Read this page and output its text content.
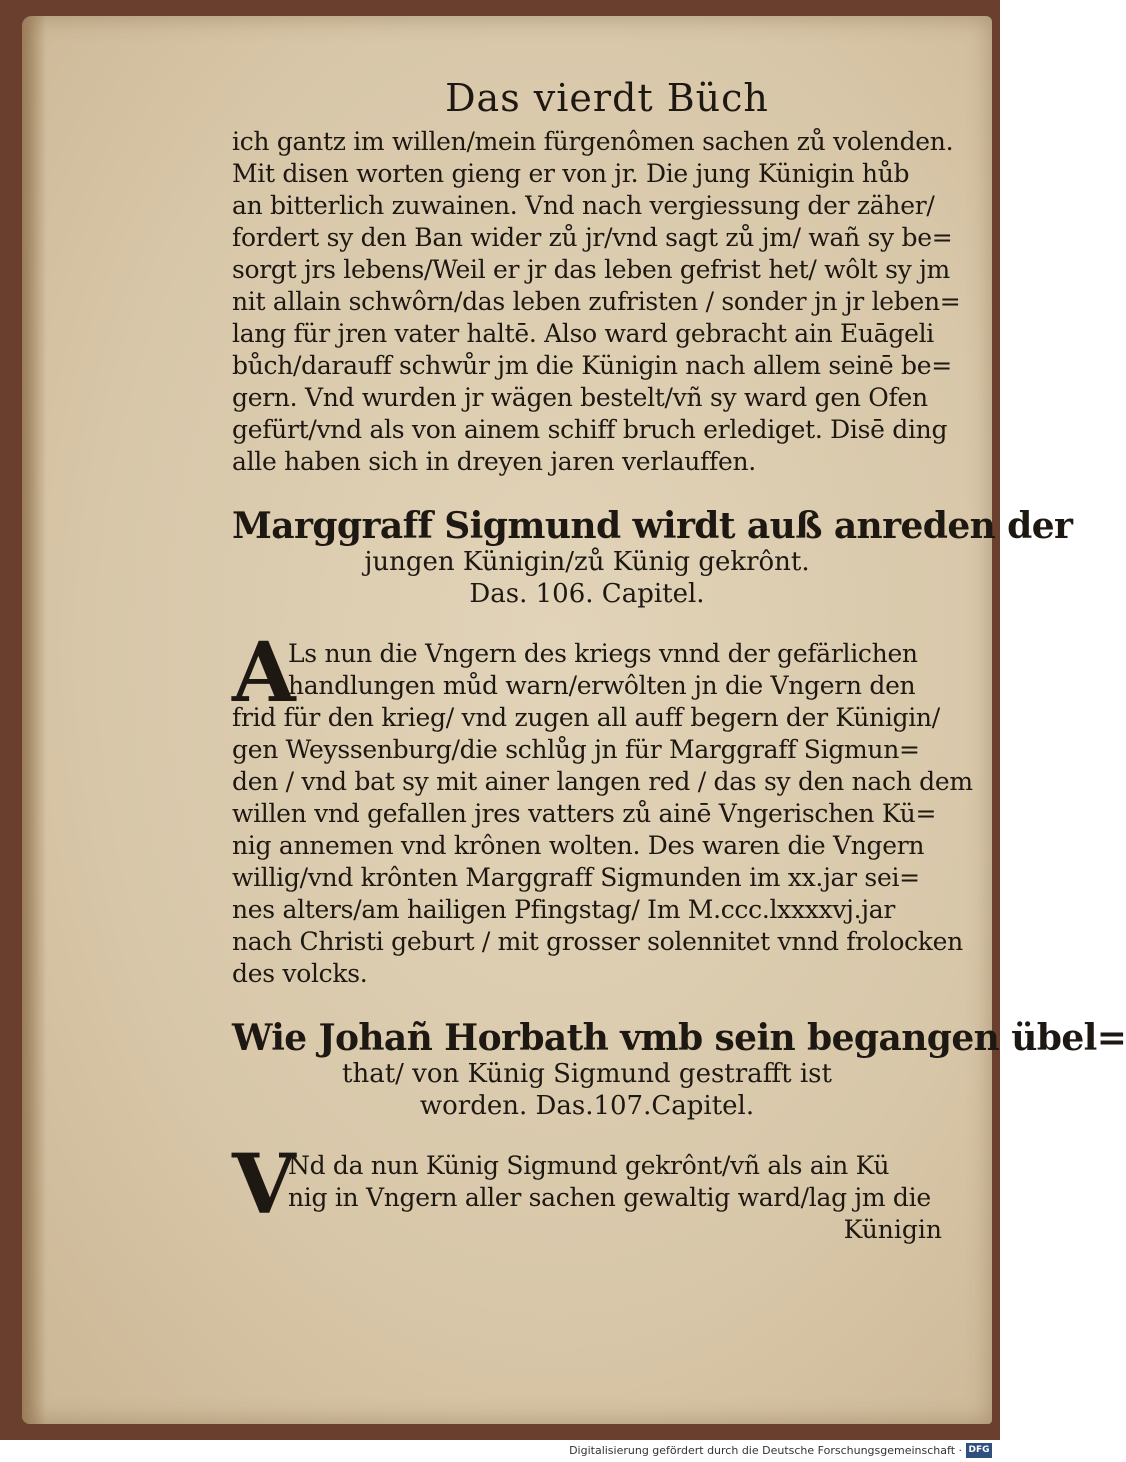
Das vierdt Büch

ich gantz im willen/mein fürgenômen sachen zů volenden.

Mit disen worten gieng er von jr. Die jung Künigin hůb

an bitterlich zuwainen. Vnd nach vergiessung der zäher/

fordert sy den Ban wider zů jr/vnd sagt zů jm/ wañ sy be=

sorgt jrs lebens/Weil er jr das leben gefrist het/ wôlt sy jm

nit allain schwôrn/das leben zufristen / sonder jn jr leben=

lang für jren vater haltē. Also ward gebracht ain Euāgeli

bůch/darauff schwůr jm die Künigin nach allem seinē be=

gern. Vnd wurden jr wägen bestelt/vñ sy ward gen Ofen

gefürt/vnd als von ainem schiff bruch erlediget. Disē ding

alle haben sich in dreyen jaren verlauffen.

Marggraff Sigmund wirdt auß anreden der
jungen Künigin/zů Künig gekrônt.
Das. 106. Capitel.
A

Ls nun die Vngern des kriegs vnnd der gefärlichen

handlungen můd warn/erwôlten jn die Vngern den

frid für den krieg/ vnd zugen all auff begern der Künigin/

gen Weyssenburg/die schlůg jn für Marggraff Sigmun=

den / vnd bat sy mit ainer langen red / das sy den nach dem

willen vnd gefallen jres vatters zů ainē Vngerischen Kü=

nig annemen vnd krônen wolten. Des waren die Vngern

willig/vnd krônten Marggraff Sigmunden im xx.jar sei=

nes alters/am hailigen Pfingstag/ Im M.ccc.lxxxxvj.jar

nach Christi geburt / mit grosser solennitet vnnd frolocken

des volcks.

Wie Johañ Horbath vmb sein begangen übel=
that/ von Künig Sigmund gestrafft ist
worden. Das.107.Capitel.
V

Nd da nun Künig Sigmund gekrônt/vñ als ain Kü

nig in Vngern aller sachen gewaltig ward/lag jm die

Künigin

Digitalisierung gefördert durch die Deutsche Forschungsgemeinschaft · DFG
